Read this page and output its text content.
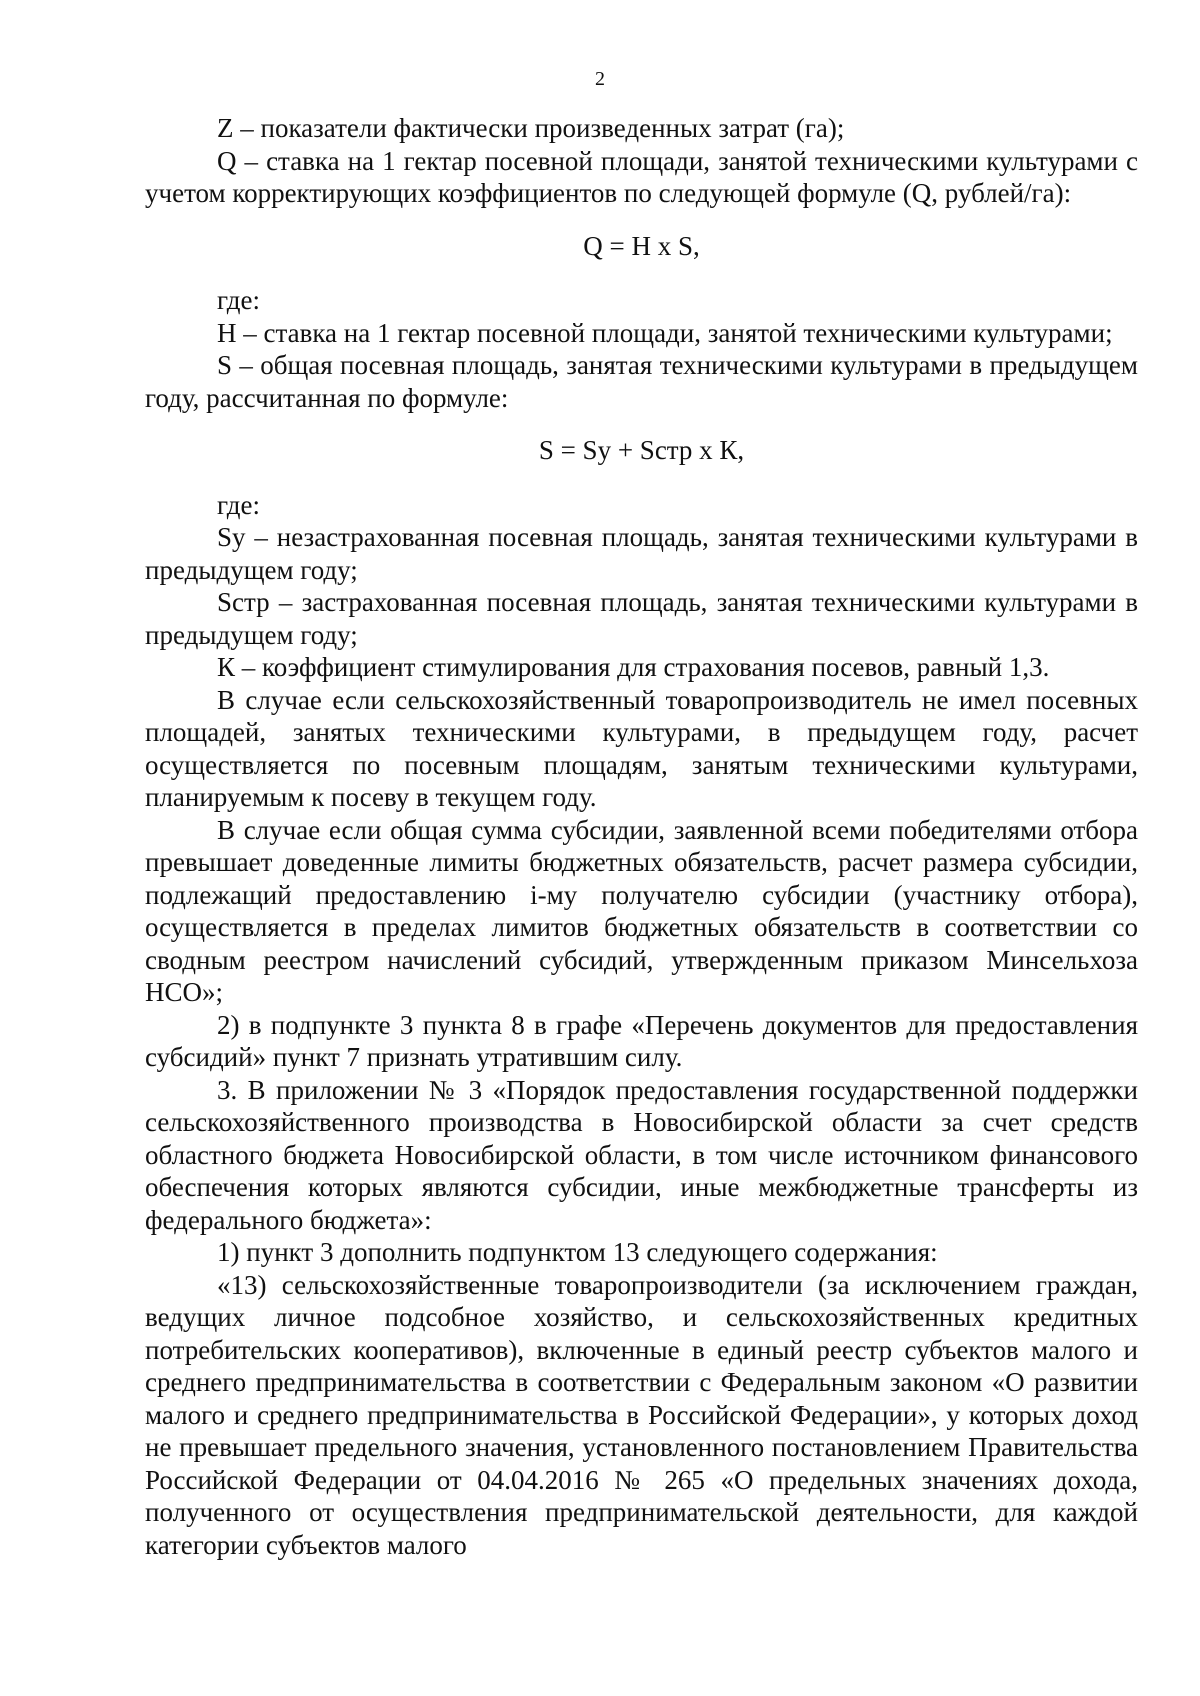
2

Z – показатели фактически произведенных затрат (га);

Q – ставка на 1 гектар посевной площади, занятой техническими культурами с учетом корректирующих коэффициентов по следующей формуле (Q, рублей/га):

Q = H x S,

где:

H – ставка на 1 гектар посевной площади, занятой техническими культурами;

S – общая посевная площадь, занятая техническими культурами в предыдущем году, рассчитанная по формуле:

S = Sу + Sстр x К,

где:

Sу – незастрахованная посевная площадь, занятая техническими культурами в предыдущем году;

Sстр – застрахованная посевная площадь, занятая техническими культурами в предыдущем году;

К – коэффициент стимулирования для страхования посевов, равный 1,3.

В случае если сельскохозяйственный товаропроизводитель не имел посевных площадей, занятых техническими культурами, в предыдущем году, расчет осуществляется по посевным площадям, занятым техническими культурами, планируемым к посеву в текущем году.

В случае если общая сумма субсидии, заявленной всеми победителями отбора превышает доведенные лимиты бюджетных обязательств, расчет размера субсидии, подлежащий предоставлению i-му получателю субсидии (участнику отбора), осуществляется в пределах лимитов бюджетных обязательств в соответствии со сводным реестром начислений субсидий, утвержденным приказом Минсельхоза НСО»;

2) в подпункте 3 пункта 8 в графе «Перечень документов для предоставления субсидий» пункт 7 признать утратившим силу.

3. В приложении № 3 «Порядок предоставления государственной поддержки сельскохозяйственного производства в Новосибирской области за счет средств областного бюджета Новосибирской области, в том числе источником финансового обеспечения которых являются субсидии, иные межбюджетные трансферты из федерального бюджета»:

1) пункт 3 дополнить подпунктом 13 следующего содержания:

«13) сельскохозяйственные товаропроизводители (за исключением граждан, ведущих личное подсобное хозяйство, и сельскохозяйственных кредитных потребительских кооперативов), включенные в единый реестр субъектов малого и среднего предпринимательства в соответствии с Федеральным законом «О развитии малого и среднего предпринимательства в Российской Федерации», у которых доход не превышает предельного значения, установленного постановлением Правительства Российской Федерации от 04.04.2016 № 265 «О предельных значениях дохода, полученного от осуществления предпринимательской деятельности, для каждой категории субъектов малого
